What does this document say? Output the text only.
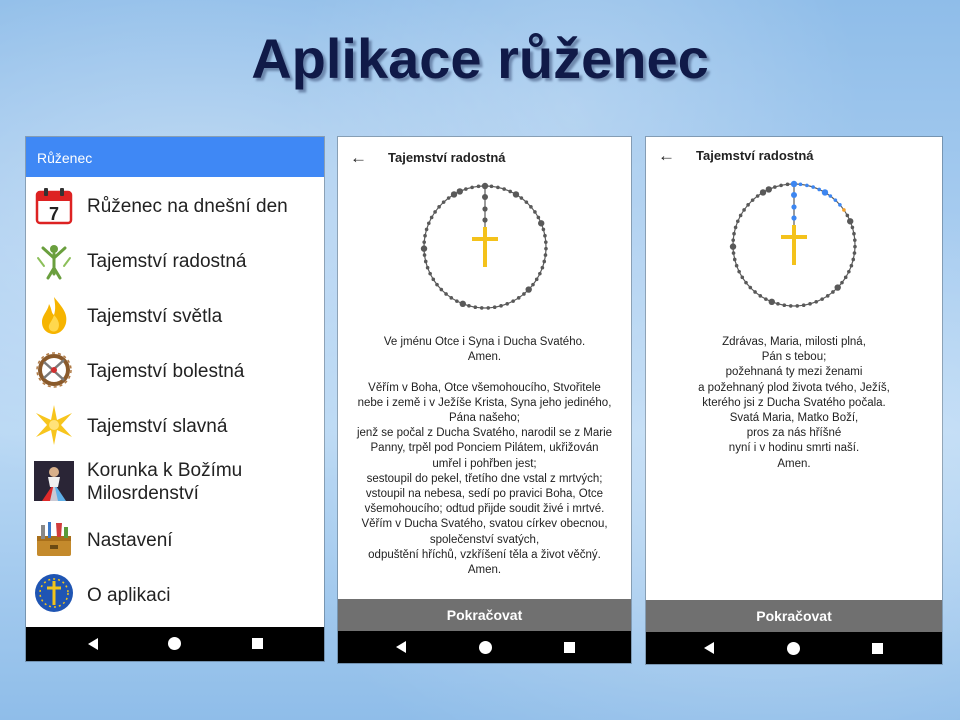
Aplikace růženec
Růženec
7 Růženec na dnešní den
Tajemství radostná
Tajemství světla
Tajemství bolestná
Tajemství slavná
Korunka k Božímu Milosrdenství
Nastavení
O aplikaci
← Tajemství radostná
Ve jménu Otce i Syna i Ducha Svatého.
Amen.

Věřím v Boha, Otce všemohoucího, Stvořitele
nebe i země i v Ježíše Krista, Syna jeho jediného,
Pána našeho;
jenž se počal z Ducha Svatého, narodil se z Marie
Panny, trpěl pod Ponciem Pilátem, ukřižován
umřel i pohřben jest;
sestoupil do pekel, třetího dne vstal z mrtvých;
vstoupil na nebesa, sedí po pravici Boha, Otce
všemohoucího; odtud přijde soudit živé i mrtvé.
Věřím v Ducha Svatého, svatou církev obecnou,
společenství svatých,
odpuštění hříchů, vzkříšení těla a život věčný.
Amen.
Pokračovat
← Tajemství radostná
Zdrávas, Maria, milosti plná,
Pán s tebou;
požehnaná ty mezi ženami
a požehnaný plod života tvého, Ježíš,
kterého jsi z Ducha Svatého počala.
Svatá Maria, Matko Boží,
pros za nás hříšné
nyní i v hodinu smrti naší.
Amen.
Pokračovat
